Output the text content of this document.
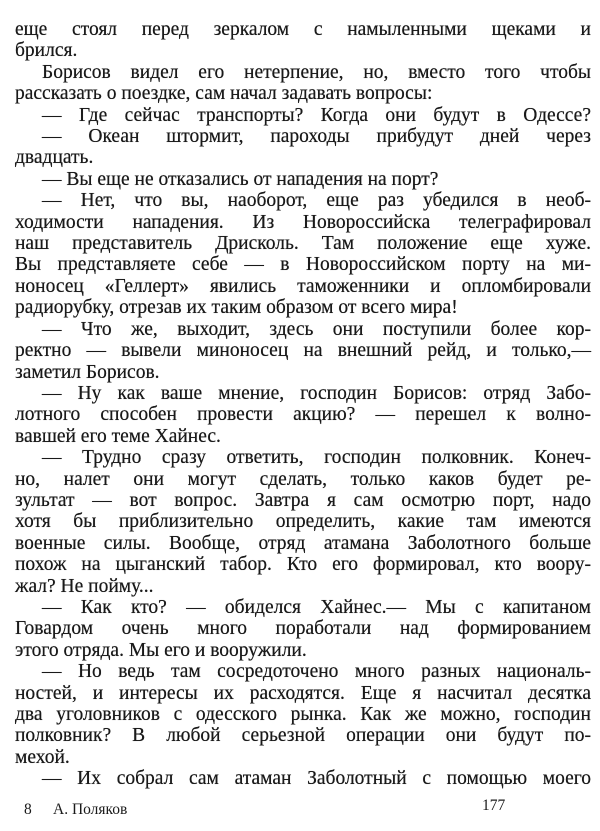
еще стоял перед зеркалом с намыленными щеками и
брился.
Борисов видел его нетерпение, но, вместо того чтобы
рассказать о поездке, сам начал задавать вопросы:
— Где сейчас транспорты? Когда они будут в Одессе?
— Океан штормит, пароходы прибудут дней через
двадцать.
— Вы еще не отказались от нападения на порт?
— Нет, что вы, наоборот, еще раз убедился в необ-
ходимости нападения. Из Новороссийска телеграфировал
наш представитель Дрисколь. Там положение еще хуже.
Вы представляете себе — в Новороссийском порту на ми-
ноносец «Геллерт» явились таможенники и опломбировали
радиорубку, отрезав их таким образом от всего мира!
— Что же, выходит, здесь они поступили более кор-
ректно — вывели миноносец на внешний рейд, и только,—
заметил Борисов.
— Ну как ваше мнение, господин Борисов: отряд Забо-
лотного способен провести акцию? — перешел к волно-
вавшей его теме Хайнес.
— Трудно сразу ответить, господин полковник. Конеч-
но, налет они могут сделать, только каков будет ре-
зультат — вот вопрос. Завтра я сам осмотрю порт, надо
хотя бы приблизительно определить, какие там имеются
военные силы. Вообще, отряд атамана Заболотного больше
похож на цыганский табор. Кто его формировал, кто воору-
жал? Не пойму...
— Как кто? — обиделся Хайнес.— Мы с капитаном
Говардом очень много поработали над формированием
этого отряда. Мы его и вооружили.
— Но ведь там сосредоточено много разных националь-
ностей, и интересы их расходятся. Еще я насчитал десятка
два уголовников с одесского рынка. Как же можно, господин
полковник? В любой серьезной операции они будут по-
мехой.
— Их собрал сам атаман Заболотный с помощью моего
8 А. Поляков	177
